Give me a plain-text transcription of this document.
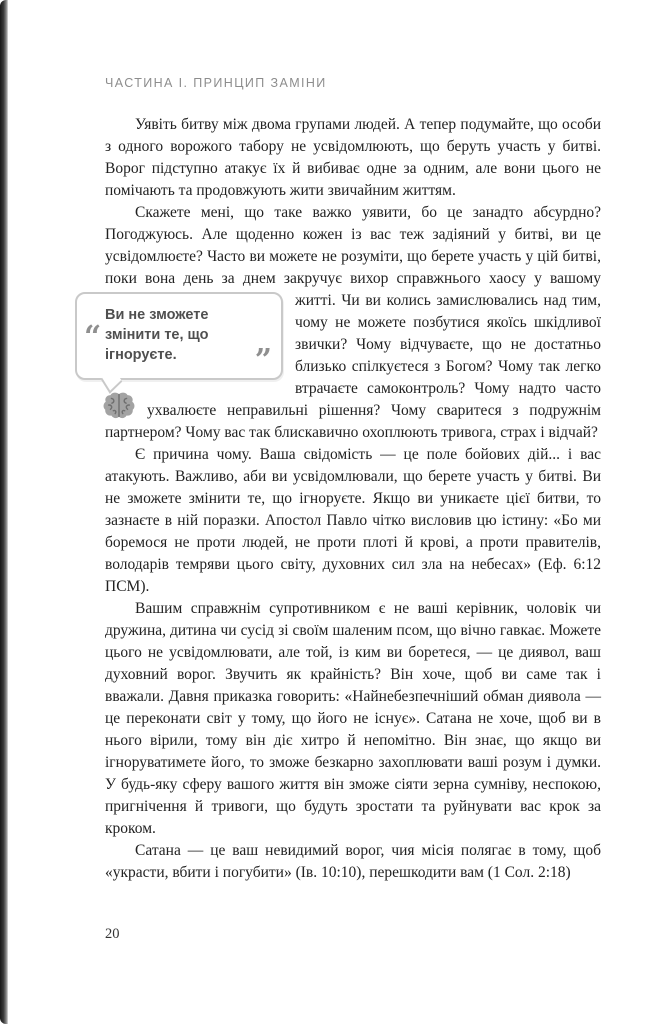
ЧАСТИНА І. ПРИНЦИП ЗАМІНИ

Уявіть битву між двома групами людей. А тепер подумайте, що особи з одного ворожого табору не усвідомлюють, що беруть участь у битві. Ворог підступно атакує їх й вибиває одне за одним, але вони цього не помічають та продовжують жити звичайним життям.

Скажете мені, що таке важко уявити, бо це занадто абсурдно? Погоджуюсь. Але щоденно кожен із вас теж задіяний у битві, ви це усвідомлюєте? Часто ви можете не розуміти, що берете участь у цій битві, поки вона день за днем закручує вихор справжнього хаосу у вашому
“
Ви не зможете змінити те, що ігноруєте.	”
житті. Чи ви колись замислювались над тим, чому не можете позбутися якоїсь шкідливої звички? Чому відчуваєте, що не достатньо близько спілкуєтеся з Богом? Чому так легко втрачаєте самоконтроль? Чому надто часто ухвалюєте неправильні рішення? Чому сваритеся з подружнім партнером? Чому вас так блискавично охоплюють тривога, страх і відчай?

Є причина чому. Ваша свідомість — це поле бойових дій... і вас атакують. Важливо, аби ви усвідомлювали, що берете участь у битві. Ви не зможете змінити те, що ігноруєте. Якщо ви уникаєте цієї битви, то зазнаєте в ній поразки. Апостол Павло чітко висловив цю істину: «Бо ми боремося не проти людей, не проти плоті й крові, а проти правителів, володарів темряви цього світу, духовних сил зла на небесах» (Еф. 6:12 ПСМ).

Вашим справжнім супротивником є не ваші керівник, чоловік чи дружина, дитина чи сусід зі своїм шаленим псом, що вічно гавкає. Можете цього не усвідомлювати, але той, із ким ви боретеся, — це диявол, ваш духовний ворог. Звучить як крайність? Він хоче, щоб ви саме так і вважали. Давня приказка говорить: «Найнебезпечніший обман диявола — це переконати світ у тому, що його не існує». Сатана не хоче, щоб ви в нього вірили, тому він діє хитро й непомітно. Він знає, що якщо ви ігноруватимете його, то зможе безкарно захоплювати ваші розум і думки. У будь-яку сферу вашого життя він зможе сіяти зерна сумніву, неспокою, пригнічення й тривоги, що будуть зростати та руйнувати вас крок за кроком.

Сатана — це ваш невидимий ворог, чия місія полягає в тому, щоб «украсти, вбити і погубити» (Ів. 10:10), перешкодити вам (1 Сол. 2:18)

20
